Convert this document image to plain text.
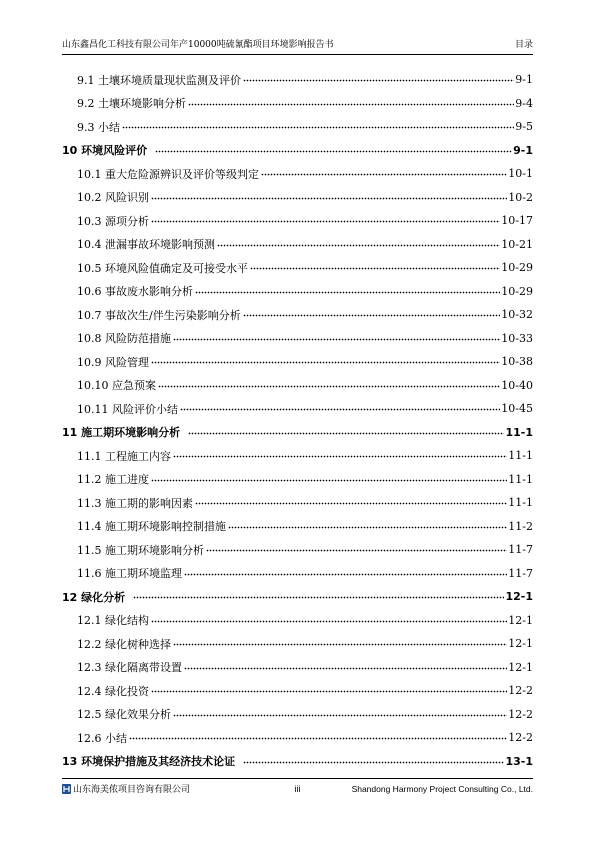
山东鑫昌化工科技有限公司年产10000吨硫氰酯项目环境影响报告书	目录
9.1 土壤环境质量现状监测及评价	9-1
9.2 土壤环境影响分析	9-4
9.3 小结	9-5
10 环境风险评价	9-1
10.1 重大危险源辨识及评价等级判定	10-1
10.2 风险识别	10-2
10.3 源项分析	10-17
10.4 泄漏事故环境影响预测	10-21
10.5 环境风险值确定及可接受水平	10-29
10.6 事故废水影响分析	10-29
10.7 事故次生/伴生污染影响分析	10-32
10.8 风险防范措施	10-33
10.9 风险管理	10-38
10.10 应急预案	10-40
10.11 风险评价小结	10-45
11 施工期环境影响分析	11-1
11.1 工程施工内容	11-1
11.2 施工进度	11-1
11.3 施工期的影响因素	11-1
11.4 施工期环境影响控制措施	11-2
11.5 施工期环境影响分析	11-7
11.6 施工期环境监理	11-7
12 绿化分析	12-1
12.1 绿化结构	12-1
12.2 绿化树种选择	12-1
12.3 绿化隔离带设置	12-1
12.4 绿化投资	12-2
12.5 绿化效果分析	12-2
12.6 小结	12-2
13 环境保护措施及其经济技术论证	13-1
山东海美侬项目咨询有限公司	iii	Shandong Harmony Project Consulting Co., Ltd.
